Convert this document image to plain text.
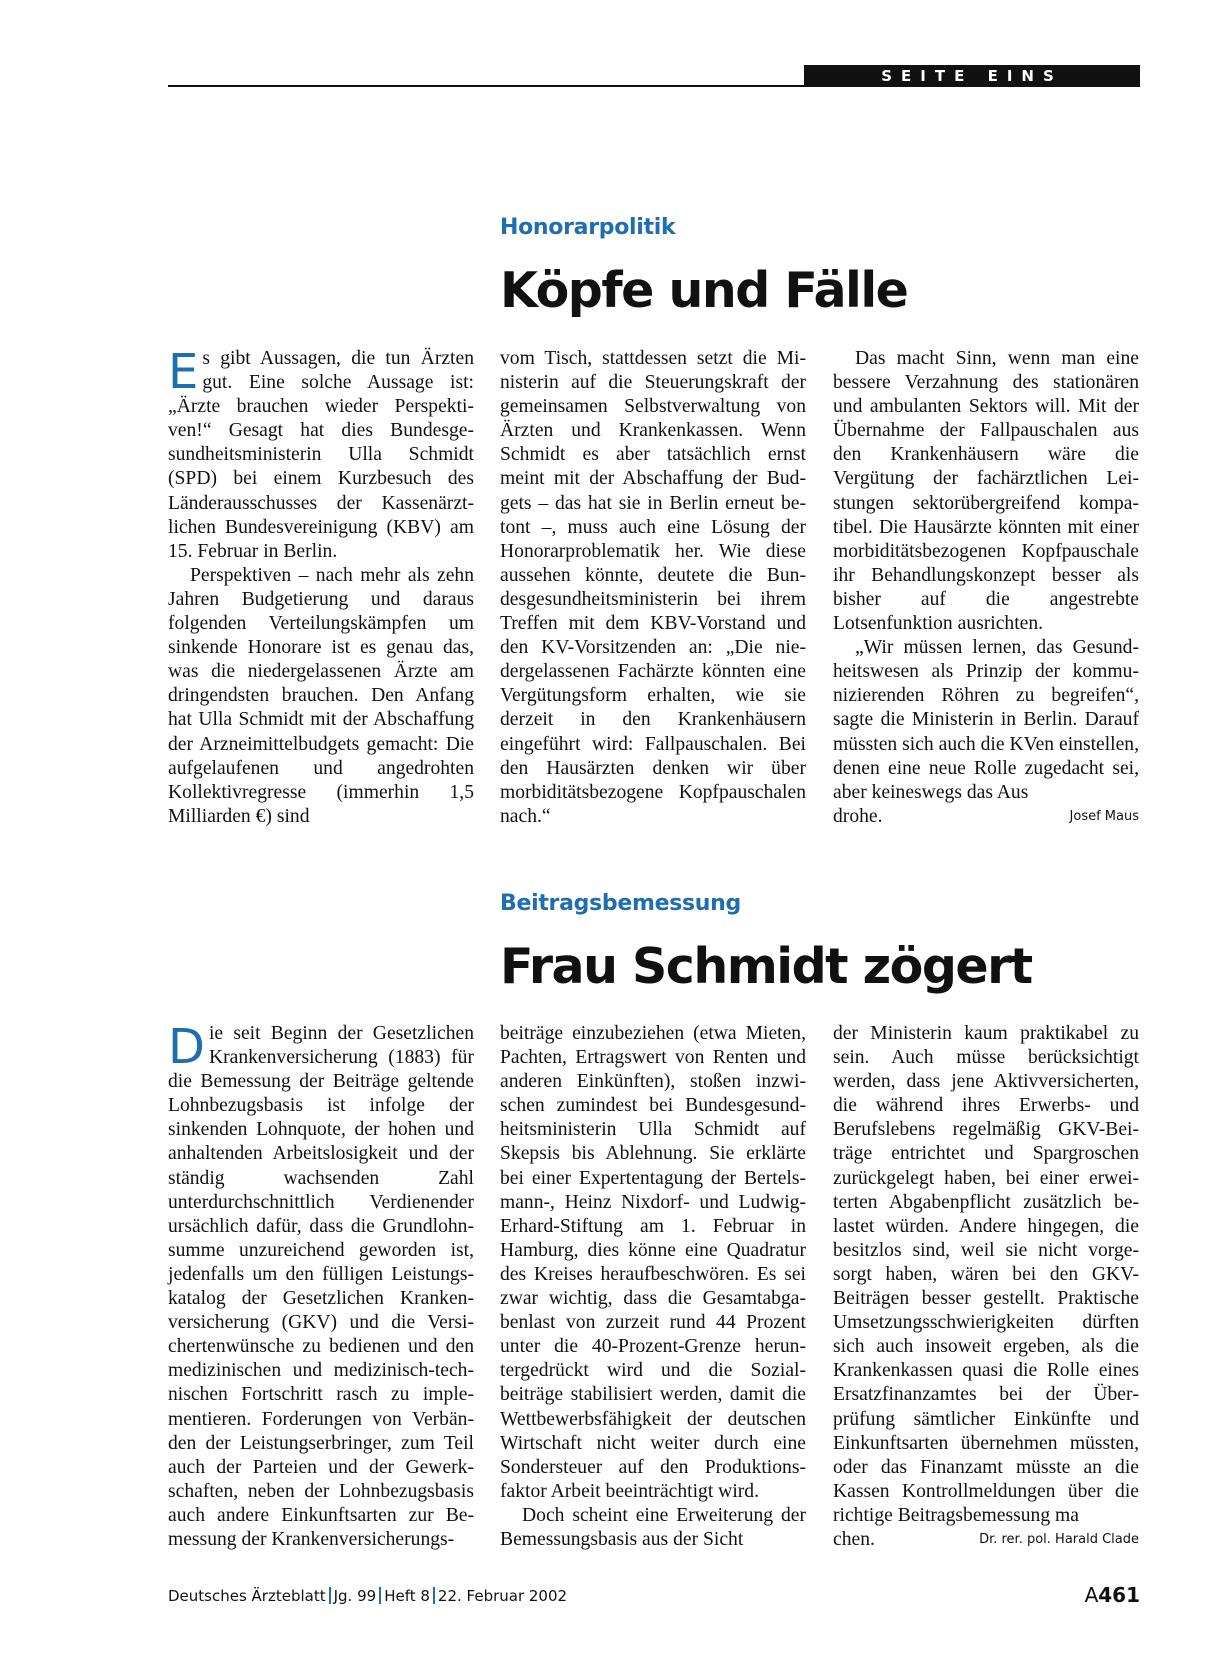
SEITE EINS
Honorarpolitik
Köpfe und Fälle

Es gibt Aussagen, die tun Ärzten gut. Eine solche Aussage ist: „Ärzte brauchen wieder Perspektiven!“ Gesagt hat dies Bundesgesundheitsministerin Ulla Schmidt (SPD) bei einem Kurzbesuch des Länderausschusses der Kassenärztlichen Bundesvereinigung (KBV) am 15. Februar in Berlin.

Perspektiven – nach mehr als zehn Jahren Budgetierung und daraus folgenden Verteilungskämpfen um sinkende Honorare ist es genau das, was die niedergelassenen Ärzte am dringendsten brauchen. Den Anfang hat Ulla Schmidt mit der Abschaffung der Arzneimittelbudgets gemacht: Die aufgelaufenen und angedrohten Kollektivregresse (immerhin 1,5 Milliarden €) sind

vom Tisch, stattdessen setzt die Ministerin auf die Steuerungskraft der gemeinsamen Selbstverwaltung von Ärzten und Krankenkassen. Wenn Schmidt es aber tatsächlich ernst meint mit der Abschaffung der Budgets – das hat sie in Berlin erneut betont –, muss auch eine Lösung der Honorarproblematik her. Wie diese aussehen könnte, deutete die Bundesgesundheitsministerin bei ihrem Treffen mit dem KBV-Vorstand und den KV-Vorsitzenden an: „Die niedergelassenen Fachärzte könnten eine Vergütungsform erhalten, wie sie derzeit in den Krankenhäusern eingeführt wird: Fallpauschalen. Bei den Hausärzten denken wir über morbiditätsbezogene Kopfpauschalen nach.“

Das macht Sinn, wenn man eine bessere Verzahnung des stationären und ambulanten Sektors will. Mit der Übernahme der Fallpauschalen aus den Krankenhäusern wäre die Vergütung der fachärztlichen Leistungen sektorübergreifend kompatibel. Die Hausärzte könnten mit einer morbiditätsbezogenen Kopfpauschale ihr Behandlungskonzept besser als bisher auf die angestrebte Lotsenfunktion ausrichten.

„Wir müssen lernen, das Gesundheitswesen als Prinzip der kommunizierenden Röhren zu begreifen“, sagte die Ministerin in Berlin. Darauf müssten sich auch die KVen einstellen, denen eine neue Rolle zugedacht sei, aber keineswegs das Aus

drohe.	Josef Maus

Beitragsbemessung
Frau Schmidt zögert

Die seit Beginn der Gesetzlichen Krankenversicherung (1883) für die Bemessung der Beiträge geltende Lohnbezugsbasis ist infolge der sinkenden Lohnquote, der hohen und anhaltenden Arbeitslosigkeit und der ständig wachsenden Zahl unterdurchschnittlich Verdienender ursächlich dafür, dass die Grundlohnsumme unzureichend geworden ist, jedenfalls um den fülligen Leistungskatalog der Gesetzlichen Krankenversicherung (GKV) und die Versichertenwünsche zu bedienen und den medizinischen und medizinisch-technischen Fortschritt rasch zu implementieren. Forderungen von Verbänden der Leistungserbringer, zum Teil auch der Parteien und der Gewerkschaften, neben der Lohnbezugsbasis auch andere Einkunftsarten zur Bemessung der Krankenversicherungs-

beiträge einzubeziehen (etwa Mieten, Pachten, Ertragswert von Renten und anderen Einkünften), stoßen inzwischen zumindest bei Bundesgesundheitsministerin Ulla Schmidt auf Skepsis bis Ablehnung. Sie erklärte bei einer Expertentagung der Bertelsmann-, Heinz Nixdorf- und Ludwig-Erhard-Stiftung am 1. Februar in Hamburg, dies könne eine Quadratur des Kreises heraufbeschwören. Es sei zwar wichtig, dass die Gesamtabgabenlast von zurzeit rund 44 Prozent unter die 40-Prozent-Grenze heruntergedrückt wird und die Sozialbeiträge stabilisiert werden, damit die Wettbewerbsfähigkeit der deutschen Wirtschaft nicht weiter durch eine Sondersteuer auf den Produktionsfaktor Arbeit beeinträchtigt wird.

Doch scheint eine Erweiterung der Bemessungsbasis aus der Sicht

der Ministerin kaum praktikabel zu sein. Auch müsse berücksichtigt werden, dass jene Aktivversicherten, die während ihres Erwerbs- und Berufslebens regelmäßig GKV-Beiträge entrichtet und Spargroschen zurückgelegt haben, bei einer erweiterten Abgabenpflicht zusätzlich belastet würden. Andere hingegen, die besitzlos sind, weil sie nicht vorgesorgt haben, wären bei den GKV-Beiträgen besser gestellt. Praktische Umsetzungsschwierigkeiten dürften sich auch insoweit ergeben, als die Krankenkassen quasi die Rolle eines Ersatzfinanzamtes bei der Überprüfung sämtlicher Einkünfte und Einkunftsarten übernehmen müssten, oder das Finanzamt müsste an die Kassen Kontrollmeldungen über die richtige Beitragsbemessung ma

chen.	Dr. rer. pol. Harald Clade

Deutsches Ärzteblatt Jg. 99 Heft 8 22. Februar 2002	A461
